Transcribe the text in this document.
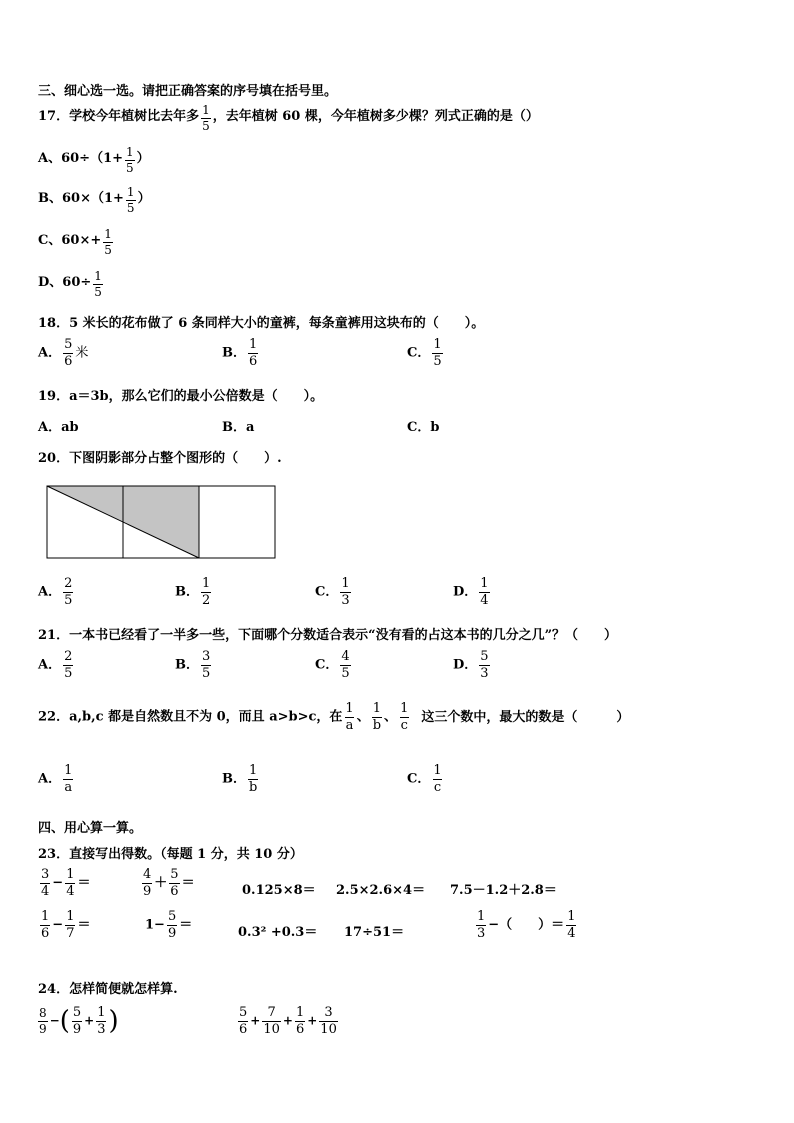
三、细心选一选。请把正确答案的序号填在括号里。
17．学校今年植树比去年多 $\frac{1}{5}$ ，去年植树 60 棵，今年植树多少棵？列式正确的是（）
A、$60\div(1+ \frac{1}{5}$ ）
B、$60\times(1+ \frac{1}{5}$ ）
C、$60\times+ \frac{1}{5}$
D、$60\div \frac{1}{5}$
18．5 米长的花布做了 6 条同样大小的童裤，每条童裤用这块布的（　　）。
A． $\frac{5}{6}$ 米	B． $\frac{1}{6}$	C． $\frac{1}{5}$
19．a＝3b，那么它们的最小公倍数是（　　）。
A．ab	B．a	C．b
20．下图阴影部分占整个图形的（　　）.
A． $\frac{2}{5}$	B． $\frac{1}{2}$	C． $\frac{1}{3}$	D． $\frac{1}{4}$
21．一本书已经看了一半多一些，下面哪个分数适合表示“没有看的占这本书的几分之几”？（　　）
A． $\frac{2}{5}$	B． $\frac{3}{5}$	C． $\frac{4}{5}$	D． $\frac{5}{3}$
22．a,b,c 都是自然数且不为 0，而且 a>b>c，在 $\frac{1}{a}$ 、 $\frac{1}{b}$ 、 $\frac{1}{c}$ 这三个数中，最大的数是（　　　）
A． $\frac{1}{a}$	B． $\frac{1}{b}$	C． $\frac{1}{c}$
四、用心算一算。
23．直接写出得数。（每题 1 分，共 10 分）
$\frac{3}{4} - \frac{1}{4}$ ＝	$\frac{4}{9} + \frac{5}{6}$ ＝	0.125×8＝ 2.5×2.6×4＝ 7.5－1.2＋2.8＝
$\frac{1}{6} - \frac{1}{7}$ ＝	$1- \frac{5}{9}$ ＝	0.3² +0.3＝ 17÷51＝	$\frac{1}{3}$ −（　　）＝ $\frac{1}{4}$
24．怎样简便就怎样算.
$\frac{8}{9}$ −( $\frac{5}{9} + \frac{1}{3}$ )	$\frac{5}{6} + \frac{7}{10} + \frac{1}{6} + \frac{3}{10}$
